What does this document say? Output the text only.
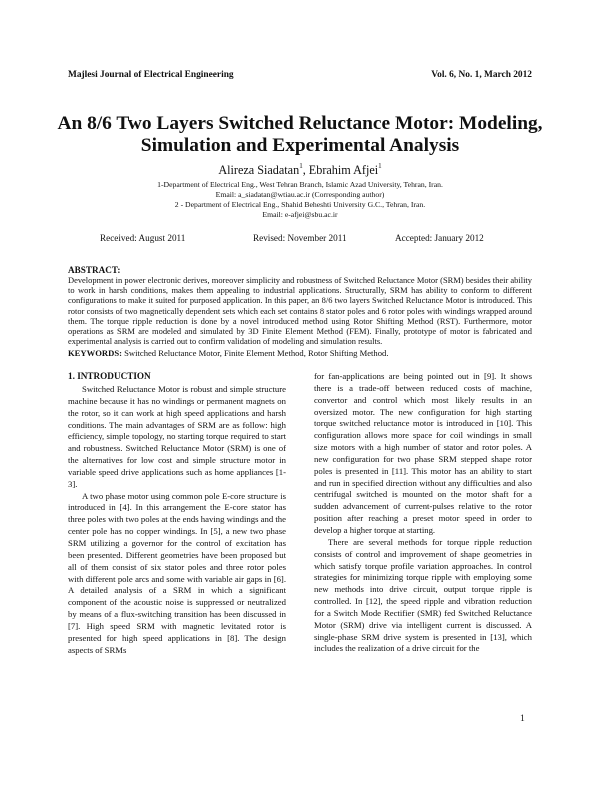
Majlesi Journal of Electrical Engineering	Vol. 6, No. 1, March 2012
An 8/6 Two Layers Switched Reluctance Motor: Modeling, Simulation and Experimental Analysis
Alireza Siadatan$^1$, Ebrahim Afjei$^1$
1-Department of Electrical Eng., West Tehran Branch, Islamic Azad University, Tehran, Iran.
Email: a_siadatan@wtiau.ac.ir (Corresponding author)
2 - Department of Electrical Eng., Shahid Beheshti University G.C., Tehran, Iran.
Email: e-afjei@sbu.ac.ir
Received: August 2011	Revised: November 2011	Accepted: January 2012
ABSTRACT:
Development in power electronic derives, moreover simplicity and robustness of Switched Reluctance Motor (SRM) besides their ability to work in harsh conditions, makes them appealing to industrial applications. Structurally, SRM has ability to conform to different configurations to make it suited for purposed application. In this paper, an 8/6 two layers Switched Reluctance Motor is introduced. This rotor consists of two magnetically dependent sets which each set contains 8 stator poles and 6 rotor poles with windings wrapped around them. The torque ripple reduction is done by a novel introduced method using Rotor Shifting Method (RST). Furthermore, motor operations as SRM are modeled and simulated by 3D Finite Element Method (FEM). Finally, prototype of motor is fabricated and experimental analysis is carried out to confirm validation of modeling and simulation results.
KEYWORDS: Switched Reluctance Motor, Finite Element Method, Rotor Shifting Method.
1. INTRODUCTION

Switched Reluctance Motor is robust and simple structure machine because it has no windings or permanent magnets on the rotor, so it can work at high speed applications and harsh conditions. The main advantages of SRM are as follow: high efficiency, simple topology, no starting torque required to start and robustness. Switched Reluctance Motor (SRM) is one of the alternatives for low cost and simple structure motor in variable speed drive applications such as home appliances [1-3].

A two phase motor using common pole E-core structure is introduced in [4]. In this arrangement the E-core stator has three poles with two poles at the ends having windings and the center pole has no copper windings. In [5], a new two phase SRM utilizing a governor for the control of excitation has been presented. Different geometries have been proposed but all of them consist of six stator poles and three rotor poles with different pole arcs and some with variable air gaps in [6]. A detailed analysis of a SRM in which a significant component of the acoustic noise is suppressed or neutralized by means of a flux-switching transition has been discussed in [7]. High speed SRM with magnetic levitated rotor is presented for high speed applications in [8]. The design aspects of SRMs

for fan-applications are being pointed out in [9]. It shows there is a trade-off between reduced costs of machine, convertor and control which most likely results in an oversized motor. The new configuration for high starting torque switched reluctance motor is introduced in [10]. This configuration allows more space for coil windings in small size motors with a high number of stator and rotor poles. A new configuration for two phase SRM stepped shape rotor poles is presented in [11]. This motor has an ability to start and run in specified direction without any difficulties and also centrifugal switched is mounted on the motor shaft for a sudden advancement of current-pulses relative to the rotor position after reaching a preset motor speed in order to develop a higher torque at starting.

There are several methods for torque ripple reduction consists of control and improvement of shape geometries in which satisfy torque profile variation approaches. In control strategies for minimizing torque ripple with employing some new methods into drive circuit, output torque ripple is controlled. In [12], the speed ripple and vibration reduction for a Switch Mode Rectifier (SMR) fed Switched Reluctance Motor (SRM) drive via intelligent current is discussed. A single-phase SRM drive system is presented in [13], which includes the realization of a drive circuit for the

1
